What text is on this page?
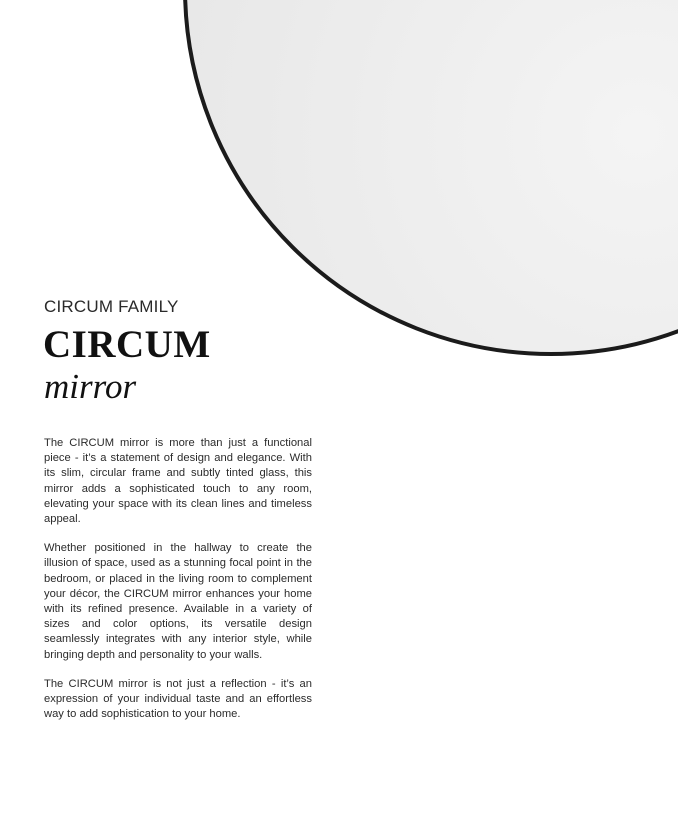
CIRCUM FAMILY
CIRCUM
mirror

The CIRCUM mirror is more than just a functional piece - it’s a statement of design and elegance. With its slim, circular frame and subtly tinted glass, this mirror adds a sophisticated touch to any room, elevating your space with its clean lines and timeless appeal.

Whether positioned in the hallway to create the illusion of space, used as a stunning focal point in the bedroom, or placed in the living room to complement your décor, the CIRCUM mirror enhances your home with its refined presence. Available in a variety of sizes and color options, its versatile design seamlessly integrates with any interior style, while bringing depth and personality to your walls.

The CIRCUM mirror is not just a reflection - it’s an expression of your individual taste and an effortless way to add sophistication to your home.
